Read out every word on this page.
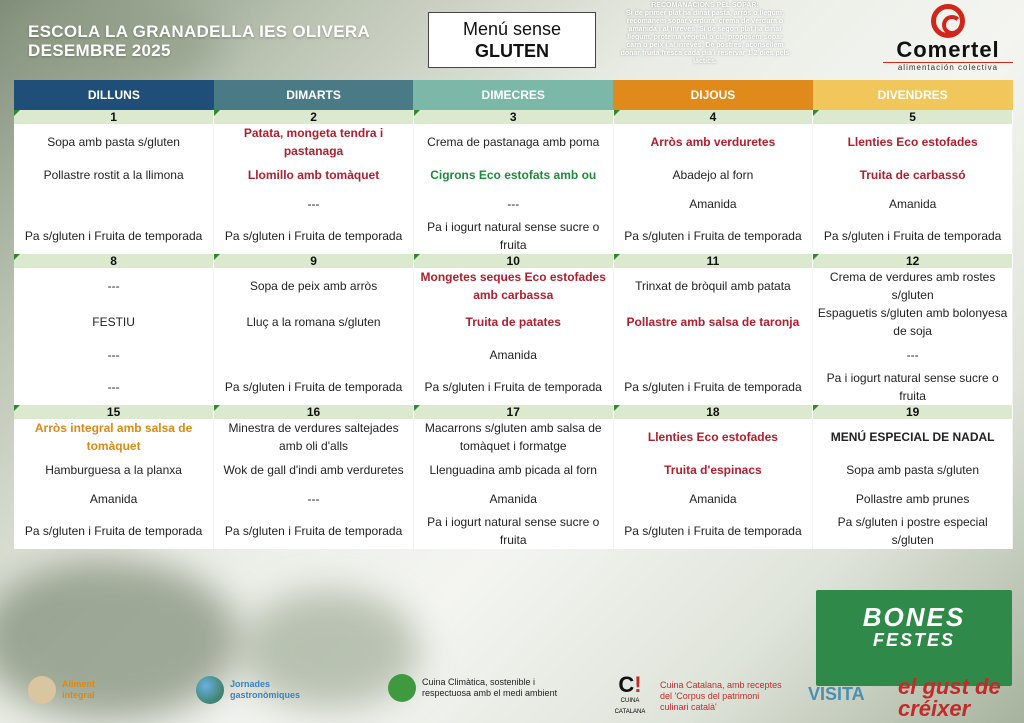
ESCOLA LA GRANADELLA IES OLIVERA
DESEMBRE 2025
Menú sense
GLUTEN
RECOMANACIONS PEL SOPAR:
Si de primer plat ha dinat pasta, arròs o llegum, recomanem sopar verdura, crema de verdura o amanida i al inrevès. Si de segon plat ha dinat llegum, proteïna vegetal o ou, proposem sopar carn o peix i al inrevès. De postres, aconsellem donar fruita fresca cada dia i reservar 1-2 dies pels làctics.	Comertel
alimentación colectiva
DILLUNS	DIMARTS	DIMECRES	DIJOUS	DIVENDRES
1	2	3	4	5
Sopa amb pasta s/gluten	Patata, mongeta tendra i pastanaga	Crema de pastanaga amb poma	Arròs amb verduretes	Llenties Eco estofades
Pollastre rostit a la llimona	Llomillo amb tomàquet	Cigrons Eco estofats amb ou	Abadejo al forn	Truita de carbassó
	---	---	Amanida	Amanida
Pa s/gluten i Fruita de temporada	Pa s/gluten i Fruita de temporada	Pa i iogurt natural sense sucre o fruita	Pa s/gluten i Fruita de temporada	Pa s/gluten i Fruita de temporada
8	9	10	11	12
---	Sopa de peix amb arròs	Mongetes seques Eco estofades amb carbassa	Trinxat de bròquil amb patata	Crema de verdures amb rostes s/gluten
FESTIU	Lluç a la romana s/gluten	Truita de patates	Pollastre amb salsa de taronja	Espaguetis s/gluten amb bolonyesa de soja
---		Amanida		---
---	Pa s/gluten i Fruita de temporada	Pa s/gluten i Fruita de temporada	Pa s/gluten i Fruita de temporada	Pa i iogurt natural sense sucre o fruita
15	16	17	18	19
Arròs integral amb salsa de tomàquet	Minestra de verdures saltejades amb oli d'alls	Macarrons s/gluten amb salsa de tomàquet i formatge	Llenties Eco estofades	MENÚ ESPECIAL DE NADAL
Hamburguesa a la planxa	Wok de gall d'indi amb verduretes	Llenguadina amb picada al forn	Truita d'espinacs	Sopa amb pasta s/gluten
Amanida	---	Amanida	Amanida	Pollastre amb prunes
Pa s/gluten i Fruita de temporada	Pa s/gluten i Fruita de temporada	Pa i iogurt natural sense sucre o fruita	Pa s/gluten i Fruita de temporada	Pa s/gluten i postre especial s/gluten
BONES
FESTES
Aliment integral
Jornades gastronòmiques
Cuina Climàtica, sostenible i respectuosa amb el medi ambient	C!
CUINA CATALANA
Cuina Catalana, amb receptes del 'Corpus del patrimoni culinari català'
VISITA el gust de créixer
